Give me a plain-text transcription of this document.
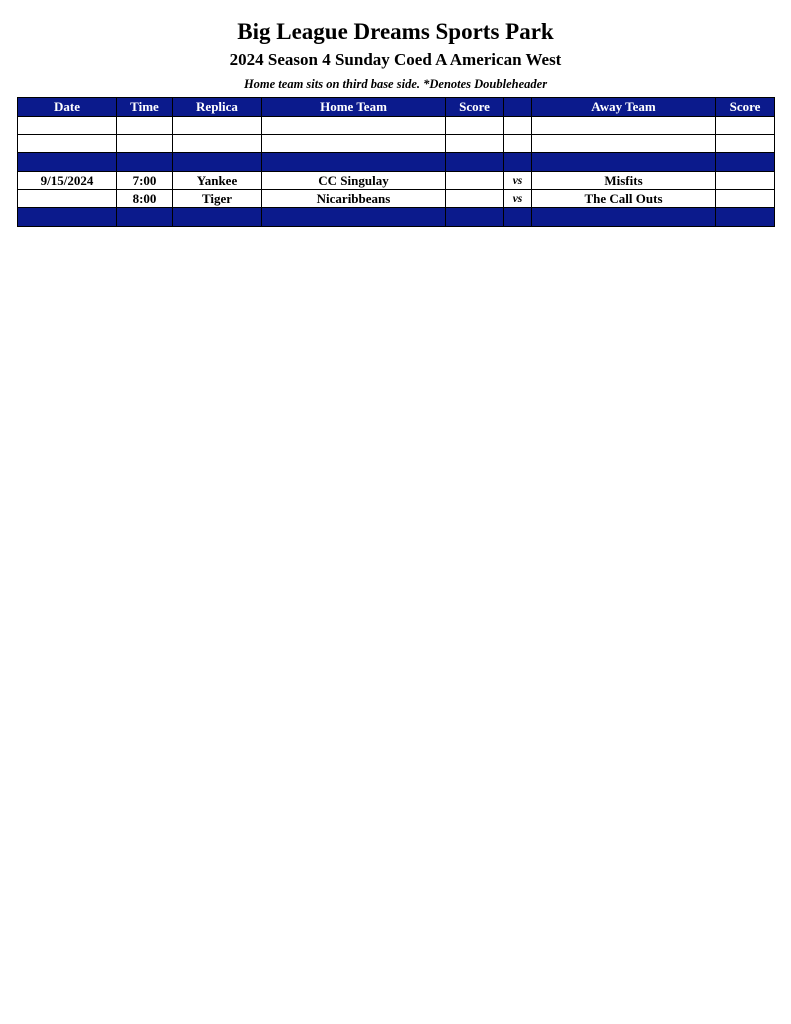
Big League Dreams Sports Park
2024 Season 4 Sunday Coed A American West
Home team sits on third base side. *Denotes Doubleheader
Date	Time	Replica	Home Team	Score		Away Team	Score

9/15/2024	7:00	Yankee	CC Singulay		vs	Misfits	
	8:00	Tiger	Nicaribbeans		vs	The Call Outs	
